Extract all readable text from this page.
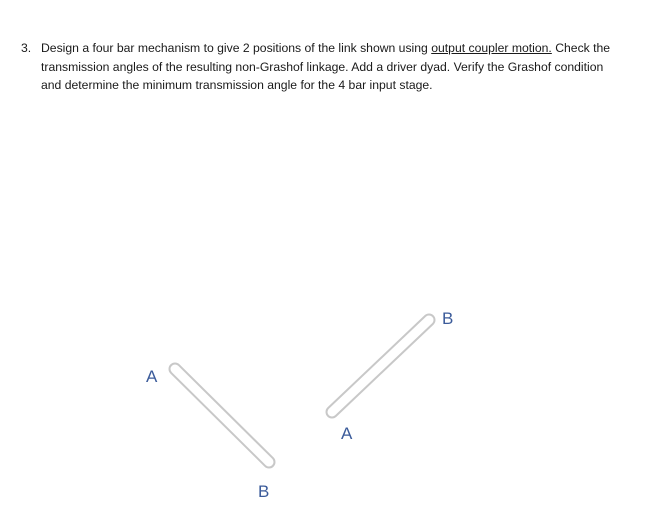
3. Design a four bar mechanism to give 2 positions of the link shown using output coupler motion. Check the transmission angles of the resulting non-Grashof linkage. Add a driver dyad. Verify the Grashof condition and determine the minimum transmission angle for the 4 bar input stage.
A
B
A
B
